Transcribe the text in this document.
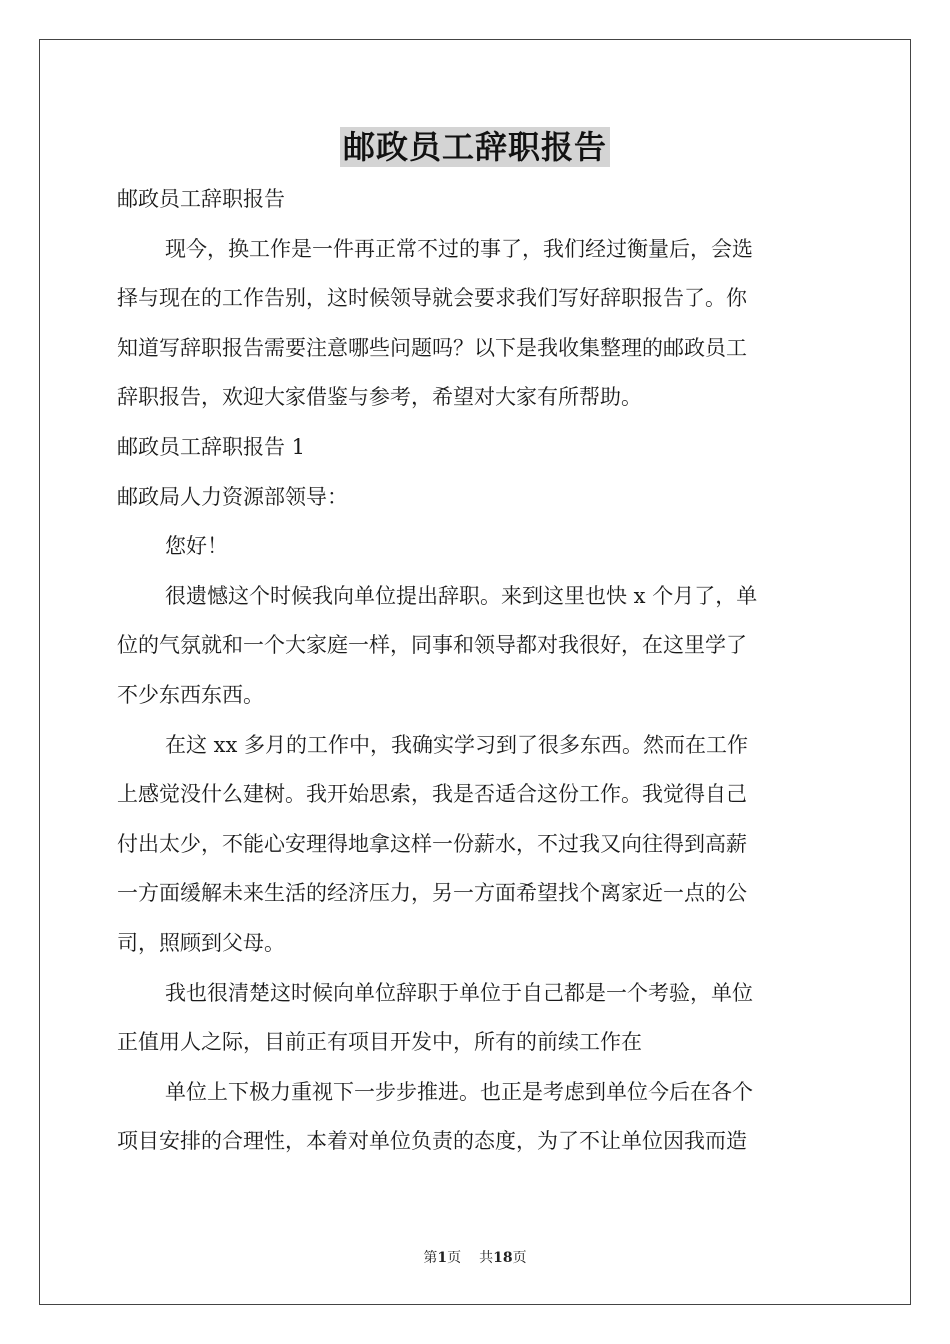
邮政员工辞职报告
邮政员工辞职报告
现今，换工作是一件再正常不过的事了，我们经过衡量后，会选
择与现在的工作告别，这时候领导就会要求我们写好辞职报告了。你
知道写辞职报告需要注意哪些问题吗？以下是我收集整理的邮政员工
辞职报告，欢迎大家借鉴与参考，希望对大家有所帮助。
邮政员工辞职报告 1
邮政局人力资源部领导：
您好！
很遗憾这个时候我向单位提出辞职。来到这里也快 x 个月了，单
位的气氛就和一个大家庭一样，同事和领导都对我很好，在这里学了
不少东西东西。
在这 xx 多月的工作中，我确实学习到了很多东西。然而在工作
上感觉没什么建树。我开始思索，我是否适合这份工作。我觉得自己
付出太少，不能心安理得地拿这样一份薪水，不过我又向往得到高薪
一方面缓解未来生活的经济压力，另一方面希望找个离家近一点的公
司，照顾到父母。
我也很清楚这时候向单位辞职于单位于自己都是一个考验，单位
正值用人之际，目前正有项目开发中，所有的前续工作在
单位上下极力重视下一步步推进。也正是考虑到单位今后在各个
项目安排的合理性，本着对单位负责的态度，为了不让单位因我而造
第1页 共18页
